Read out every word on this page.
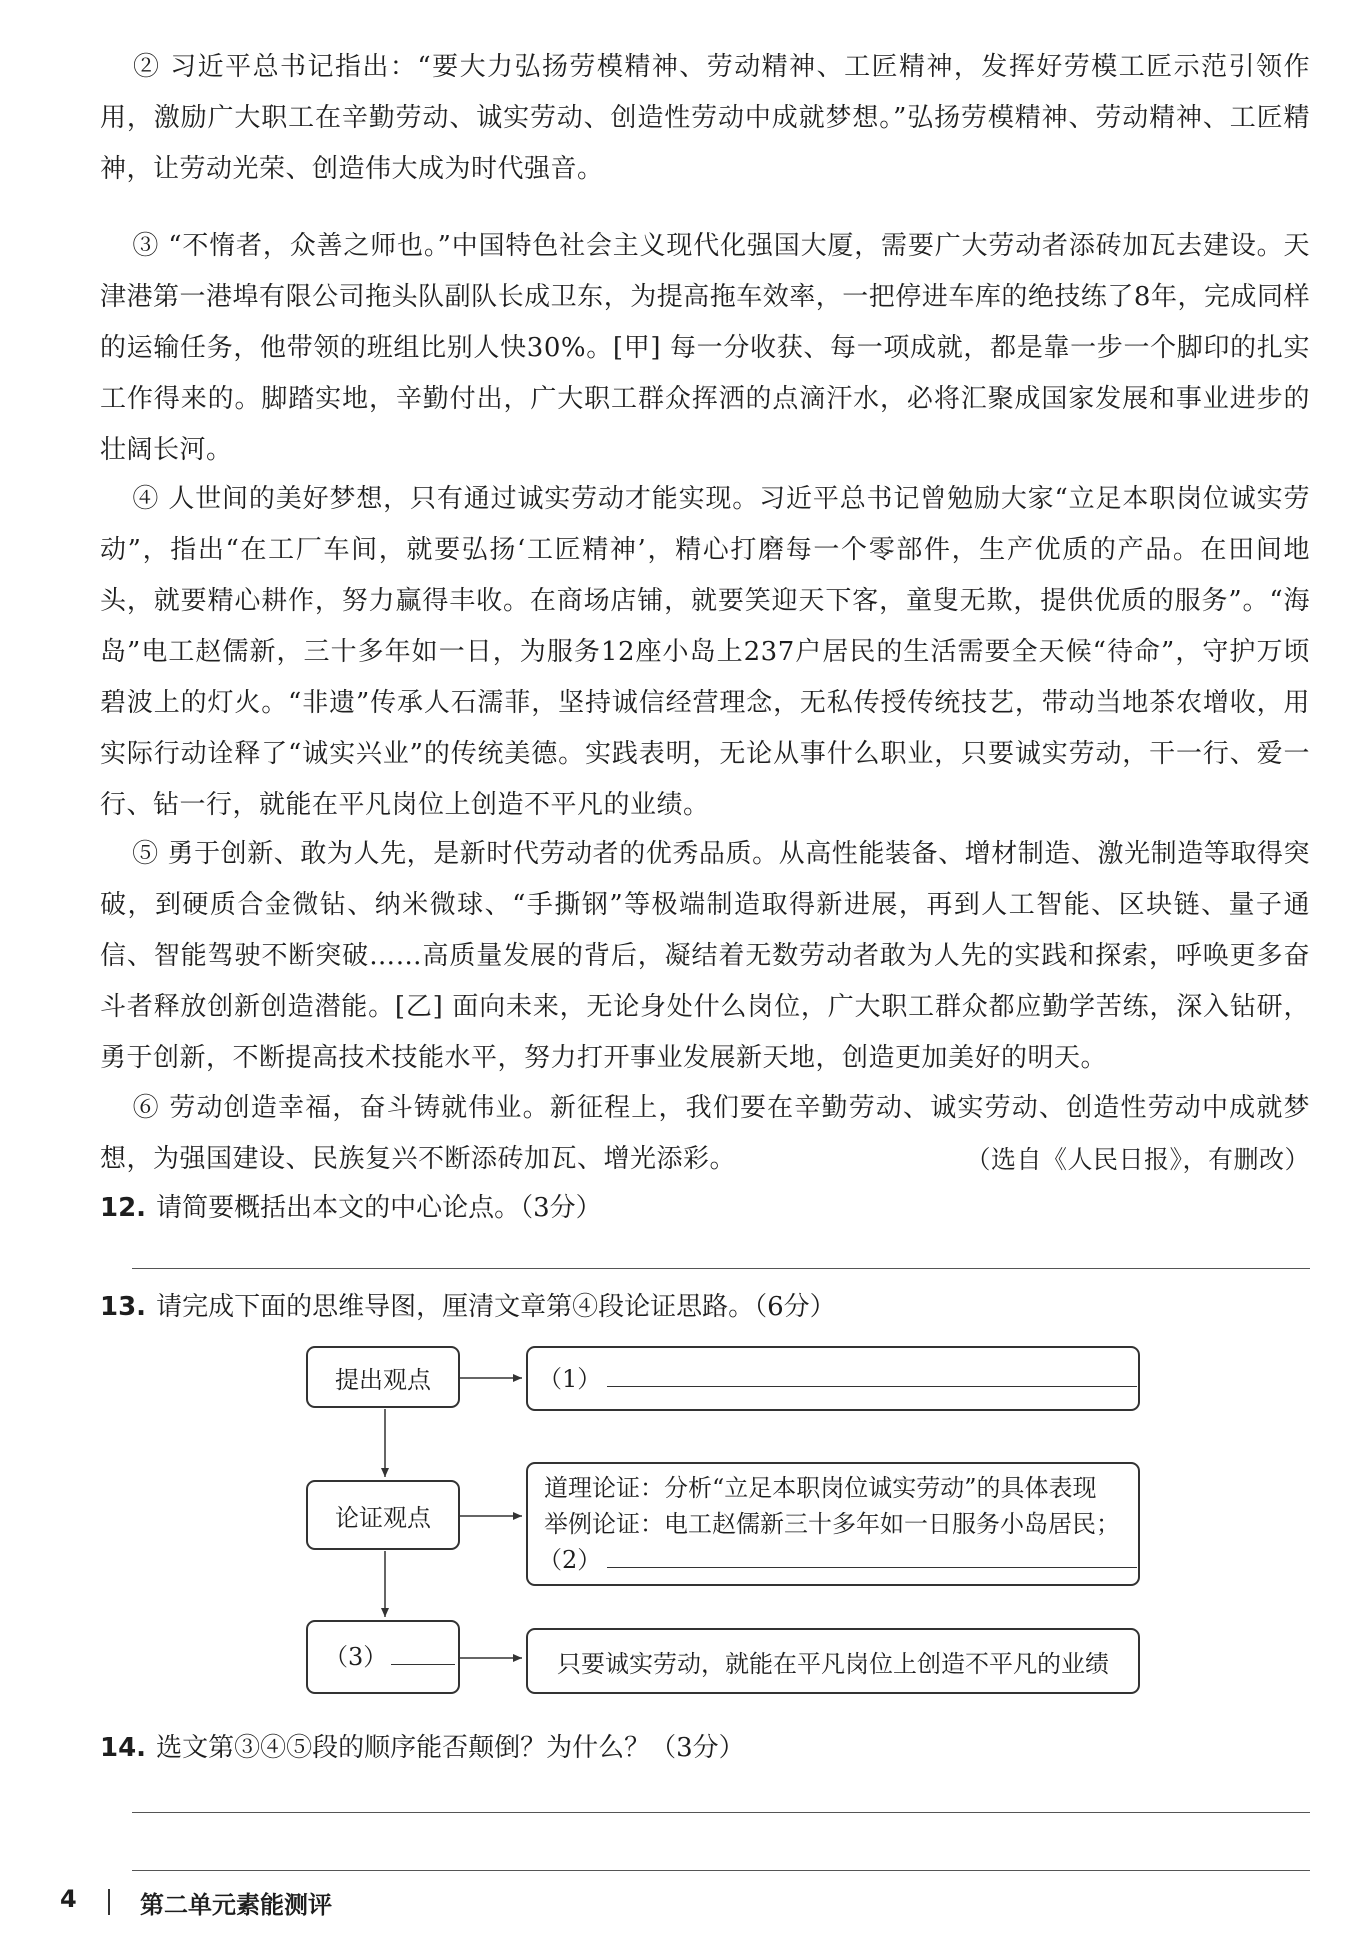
② 习近平总书记指出：“要大力弘扬劳模精神、劳动精神、工匠精神，发挥好劳模工匠示范引领作用，激励广大职工在辛勤劳动、诚实劳动、创造性劳动中成就梦想。”弘扬劳模精神、劳动精神、工匠精神，让劳动光荣、创造伟大成为时代强音。

③ “不惰者，众善之师也。”中国特色社会主义现代化强国大厦，需要广大劳动者添砖加瓦去建设。天津港第一港埠有限公司拖头队副队长成卫东，为提高拖车效率，一把停进车库的绝技练了8年，完成同样的运输任务，他带领的班组比别人快30%。[甲] 每一分收获、每一项成就，都是靠一步一个脚印的扎实工作得来的。脚踏实地，辛勤付出，广大职工群众挥洒的点滴汗水，必将汇聚成国家发展和事业进步的壮阔长河。

④ 人世间的美好梦想，只有通过诚实劳动才能实现。习近平总书记曾勉励大家“立足本职岗位诚实劳动”，指出“在工厂车间，就要弘扬‘工匠精神’，精心打磨每一个零部件，生产优质的产品。在田间地头，就要精心耕作，努力赢得丰收。在商场店铺，就要笑迎天下客，童叟无欺，提供优质的服务”。“海岛”电工赵儒新，三十多年如一日，为服务12座小岛上237户居民的生活需要全天候“待命”，守护万顷碧波上的灯火。“非遗”传承人石濡菲，坚持诚信经营理念，无私传授传统技艺，带动当地茶农增收，用实际行动诠释了“诚实兴业”的传统美德。实践表明，无论从事什么职业，只要诚实劳动，干一行、爱一行、钻一行，就能在平凡岗位上创造不平凡的业绩。

⑤ 勇于创新、敢为人先，是新时代劳动者的优秀品质。从高性能装备、增材制造、激光制造等取得突破，到硬质合金微钻、纳米微球、“手撕钢”等极端制造取得新进展，再到人工智能、区块链、量子通信、智能驾驶不断突破……高质量发展的背后，凝结着无数劳动者敢为人先的实践和探索，呼唤更多奋斗者释放创新创造潜能。[乙] 面向未来，无论身处什么岗位，广大职工群众都应勤学苦练，深入钻研，勇于创新，不断提高技术技能水平，努力打开事业发展新天地，创造更加美好的明天。

⑥ 劳动创造幸福，奋斗铸就伟业。新征程上，我们要在辛勤劳动、诚实劳动、创造性劳动中成就梦想，为强国建设、民族复兴不断添砖加瓦、增光添彩。	（选自《人民日报》，有删改）

12. 请简要概括出本文的中心论点。（3分）

13. 请完成下面的思维导图，厘清文章第④段论证思路。（6分）

提出观点
论证观点
（3）
（1）
道理论证：分析“立足本职岗位诚实劳动”的具体表现
举例论证：电工赵儒新三十多年如一日服务小岛居民；
（2）
只要诚实劳动，就能在平凡岗位上创造不平凡的业绩

14. 选文第③④⑤段的顺序能否颠倒？为什么？（3分）

4	第二单元素能测评
